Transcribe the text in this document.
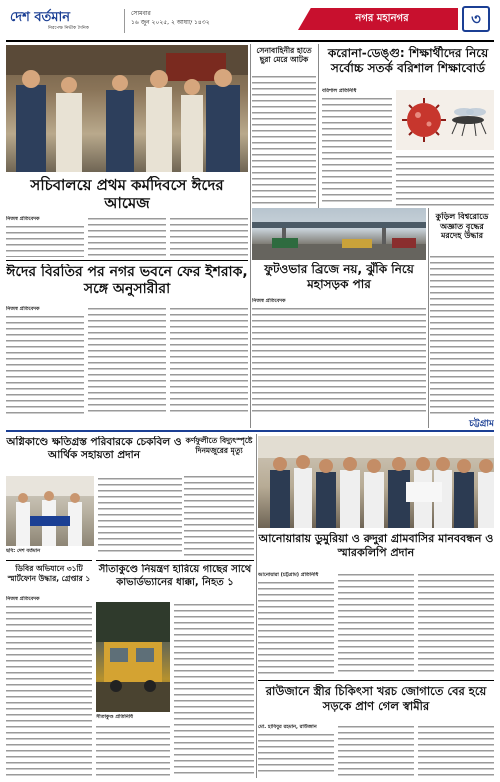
দেশ বর্তমান
নিরপেক্ষ নির্ভীক দৈনিক
সোমবার
১৬ জুন ২০২৫, ২ আষাঢ় ১৪৩২	নগর মহানগর	৩
সচিবালয়ে প্রথম কর্মদিবসে ঈদের আমেজ
নিজস্ব প্রতিবেদক
সেনাবাহিনীর হাতে ছুরা মেরে আটক	করোনা-ডেঙ্গু: শিক্ষার্থীদের নিয়ে সর্বোচ্চ সতর্ক বরিশাল শিক্ষাবোর্ড
বরিশাল প্রতিনিধি
কুড়িল বিশ্বরোডে অজ্ঞাত বৃদ্ধের মরদেহ উদ্ধার
ঈদের বিরতির পর নগর ভবনে ফের ইশরাক, সঙ্গে অনুসারীরা
নিজস্ব প্রতিবেদক
ফুটওভার ব্রিজে নয়, ঝুঁকি নিয়ে মহাসড়ক পার
নিজস্ব প্রতিবেদক
চট্টগ্রাম
অগ্নিকাণ্ডে ক্ষতিগ্রস্ত পরিবারকে চেকবিল ও আর্থিক সহায়তা প্রদান
ছবি: দেশ বর্তমান
ডিবির অভিযানে ৩১টি স্মার্টফোন উদ্ধার, গ্রেপ্তার ১
নিজস্ব প্রতিবেদক
কর্ণফুলীতে বিদ্যুৎস্পৃষ্টে দিনমজুরের মৃত্যু
সীতাকুণ্ডে নিয়ন্ত্রণ হারিয়ে গাছের সাথে কাভার্ডভ্যানের ধাক্কা, নিহত ১
সীতাকুণ্ড প্রতিনিধি
আনোয়ারায় ডুমুরিয়া ও রুদুরা গ্রামবাসির মানববন্ধন ও স্মারকলিপি প্রদান
আনোয়ারা (চট্টগ্রাম) প্রতিনিধি
রাউজানে স্ত্রীর চিকিৎসা খরচ জোগাতে বের হয়ে সড়কে প্রাণ গেল স্বামীর
মো. হাবিবুর রহমান, রাউজান
